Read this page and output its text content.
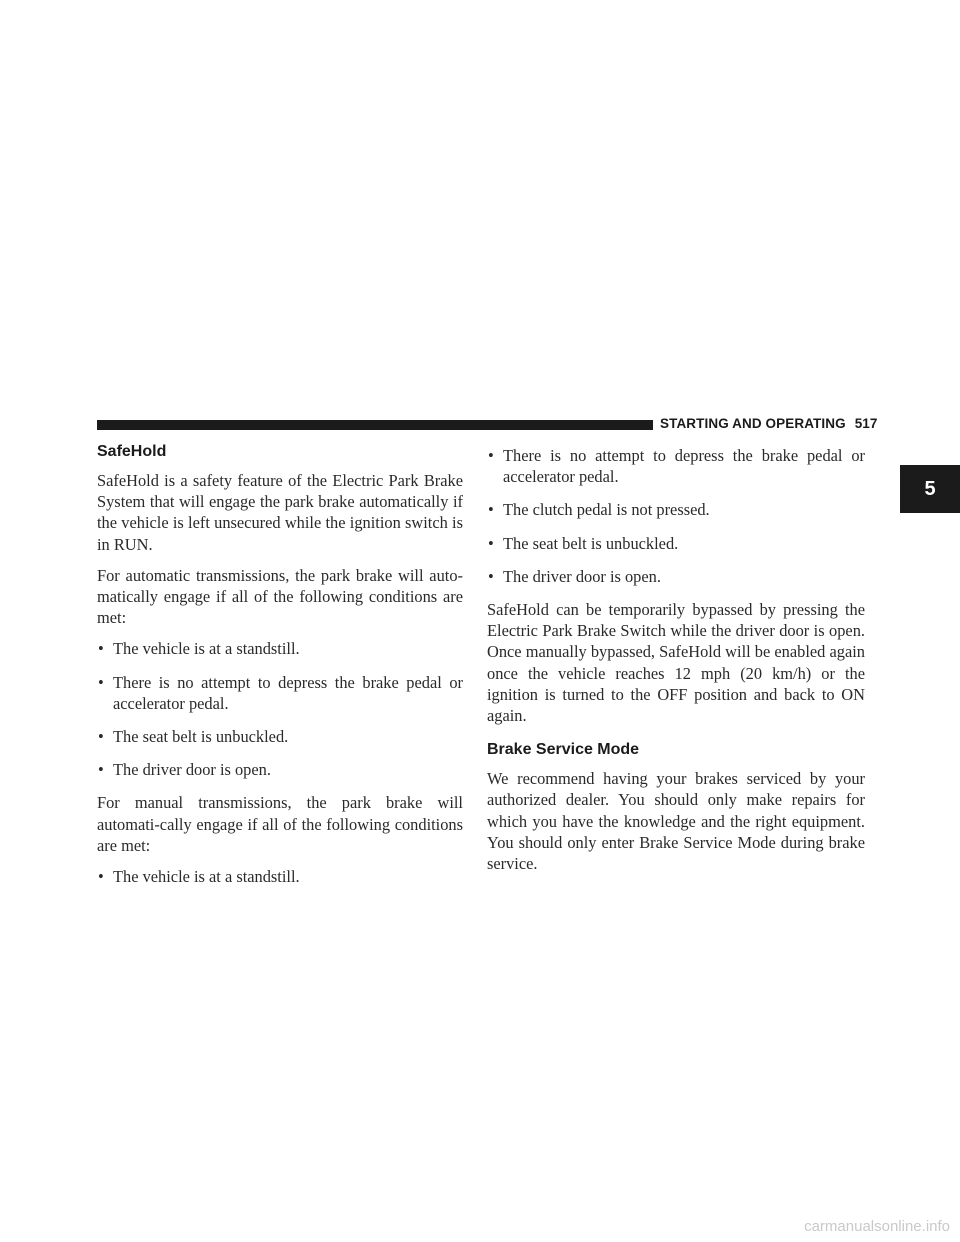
STARTING AND OPERATING 517
5
SafeHold

SafeHold is a safety feature of the Electric Park Brake System that will engage the park brake automatically if the vehicle is left unsecured while the ignition switch is in RUN.

For automatic transmissions, the park brake will auto-matically engage if all of the following conditions are met:

• The vehicle is at a standstill.
• There is no attempt to depress the brake pedal or accelerator pedal.
• The seat belt is unbuckled.
• The driver door is open.

For manual transmissions, the park brake will automati-cally engage if all of the following conditions are met:

• The vehicle is at a standstill.
• There is no attempt to depress the brake pedal or accelerator pedal.
• The clutch pedal is not pressed.
• The seat belt is unbuckled.
• The driver door is open.

SafeHold can be temporarily bypassed by pressing the Electric Park Brake Switch while the driver door is open. Once manually bypassed, SafeHold will be enabled again once the vehicle reaches 12 mph (20 km/h) or the ignition is turned to the OFF position and back to ON again.

Brake Service Mode

We recommend having your brakes serviced by your authorized dealer. You should only make repairs for which you have the knowledge and the right equipment. You should only enter Brake Service Mode during brake service.

carmanualsonline.info
